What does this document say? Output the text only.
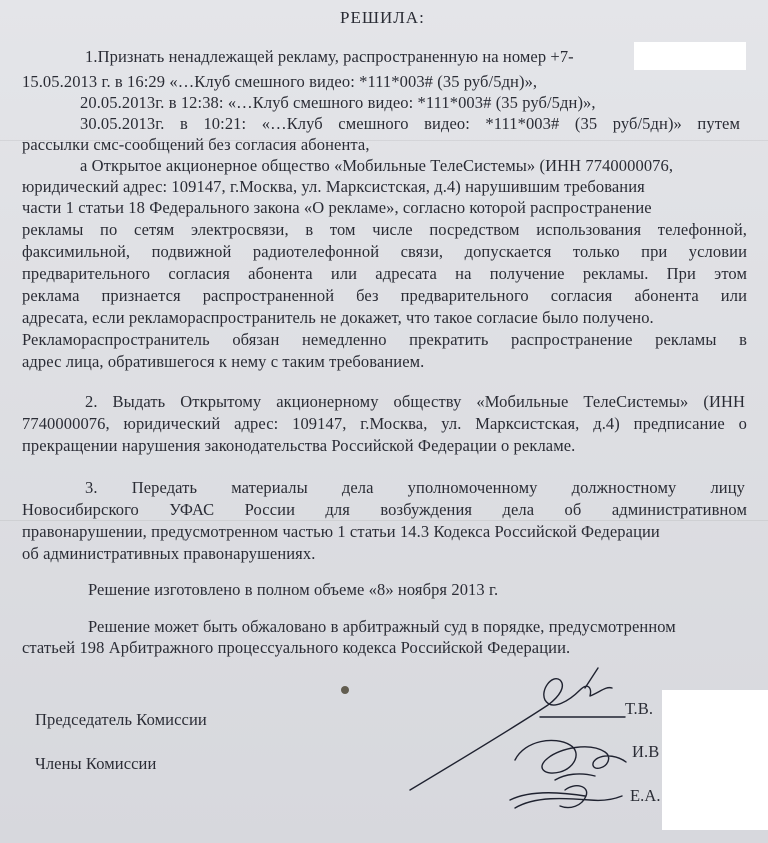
РЕШИЛА:
1.Признать ненадлежащей рекламу, распространенную на номер +7-
15.05.2013 г. в 16:29 «…Клуб смешного видео: *111*003# (35 руб/5дн)»,
20.05.2013г. в 12:38: «…Клуб смешного видео: *111*003# (35 руб/5дн)»,
30.05.2013г. в 10:21: «…Клуб смешного видео: *111*003# (35 руб/5дн)» путем
рассылки смс-сообщений без согласия абонента,
а Открытое акционерное общество «Мобильные ТелеСистемы» (ИНН 7740000076,
юридический адрес: 109147, г.Москва, ул. Марксистская, д.4) нарушившим требования
части 1 статьи 18 Федерального закона «О рекламе», согласно которой распространение
рекламы по сетям электросвязи, в том числе посредством использования телефонной,
факсимильной, подвижной радиотелефонной связи, допускается только при условии
предварительного согласия абонента или адресата на получение рекламы. При этом
реклама признается распространенной без предварительного согласия абонента или
адресата, если рекламораспространитель не докажет, что такое согласие было получено.
Рекламораспространитель обязан немедленно прекратить распространение рекламы в
адрес лица, обратившегося к нему с таким требованием.
2. Выдать Открытому акционерному обществу «Мобильные ТелеСистемы» (ИНН
7740000076, юридический адрес: 109147, г.Москва, ул. Марксистская, д.4) предписание о
прекращении нарушения законодательства Российской Федерации о рекламе.
3. Передать материалы дела уполномоченному должностному лицу
Новосибирского УФАС России для возбуждения дела об административном
правонарушении, предусмотренном частью 1 статьи 14.3 Кодекса Российской Федерации
об административных правонарушениях.
Решение изготовлено в полном объеме «8» ноября 2013 г.
Решение может быть обжаловано в арбитражный суд в порядке, предусмотренном
статьей 198 Арбитражного процессуального кодекса Российской Федерации.
Председатель Комиссии
Члены Комиссии
Т.В.
И.В
Е.А.
